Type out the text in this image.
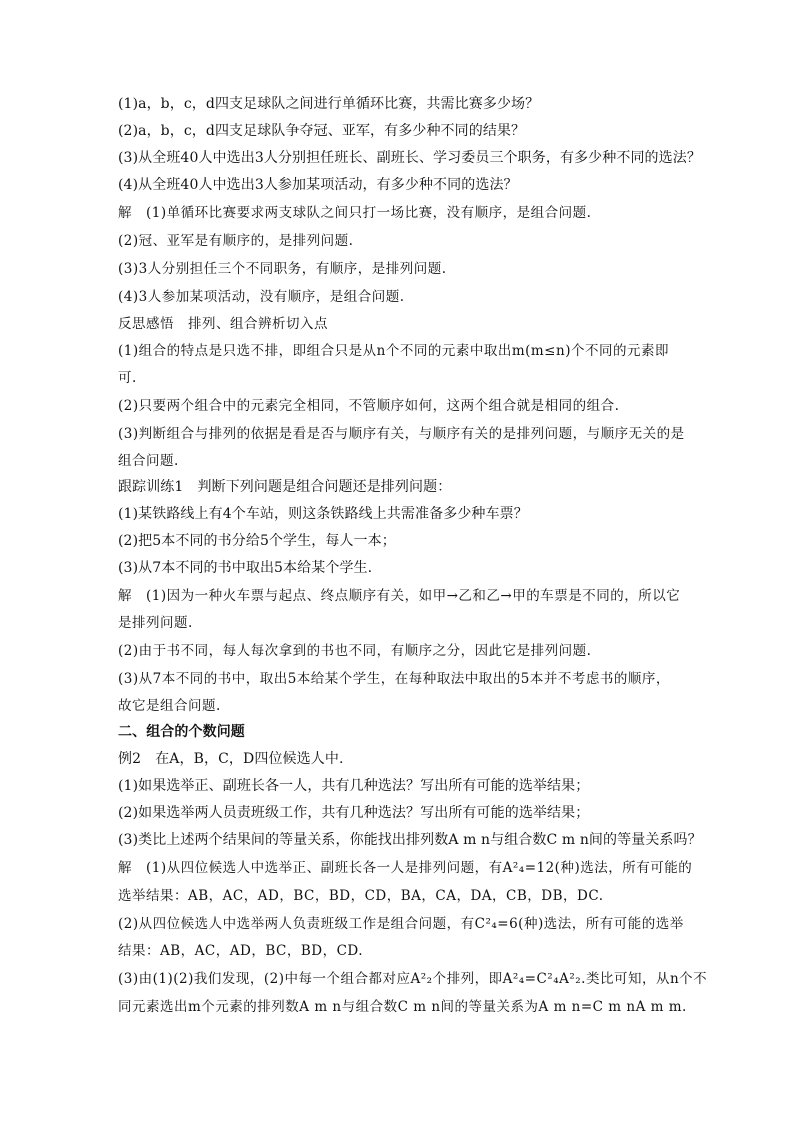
(1)a，b，c，d四支足球队之间进行单循环比赛，共需比赛多少场？
(2)a，b，c，d四支足球队争夺冠、亚军，有多少种不同的结果？
(3)从全班40人中选出3人分别担任班长、副班长、学习委员三个职务，有多少种不同的选法？
(4)从全班40人中选出3人参加某项活动，有多少种不同的选法？
解　(1)单循环比赛要求两支球队之间只打一场比赛，没有顺序，是组合问题.
(2)冠、亚军是有顺序的，是排列问题.
(3)3人分别担任三个不同职务，有顺序，是排列问题.
(4)3人参加某项活动，没有顺序，是组合问题.
反思感悟　排列、组合辨析切入点
(1)组合的特点是只选不排，即组合只是从n个不同的元素中取出m(m≤n)个不同的元素即
可.
(2)只要两个组合中的元素完全相同，不管顺序如何，这两个组合就是相同的组合.
(3)判断组合与排列的依据是看是否与顺序有关，与顺序有关的是排列问题，与顺序无关的是
组合问题.
跟踪训练1　判断下列问题是组合问题还是排列问题：
(1)某铁路线上有4个车站，则这条铁路线上共需准备多少种车票？
(2)把5本不同的书分给5个学生，每人一本；
(3)从7本不同的书中取出5本给某个学生.
解　(1)因为一种火车票与起点、终点顺序有关，如甲→乙和乙→甲的车票是不同的，所以它
是排列问题.
(2)由于书不同，每人每次拿到的书也不同，有顺序之分，因此它是排列问题.
(3)从7本不同的书中，取出5本给某个学生，在每种取法中取出的5本并不考虑书的顺序，
故它是组合问题.
二、组合的个数问题
例2　在A，B，C，D四位候选人中.
(1)如果选举正、副班长各一人，共有几种选法？写出所有可能的选举结果；
(2)如果选举两人员责班级工作，共有几种选法？写出所有可能的选举结果；
(3)类比上述两个结果间的等量关系，你能找出排列数A m n与组合数C m n间的等量关系吗？
解　(1)从四位候选人中选举正、副班长各一人是排列问题，有A²₄=12(种)选法，所有可能的
选举结果：AB，AC，AD，BC，BD，CD，BA，CA，DA，CB，DB，DC.
(2)从四位候选人中选举两人负责班级工作是组合问题，有C²₄=6(种)选法，所有可能的选举
结果：AB，AC，AD，BC，BD，CD.
(3)由(1)(2)我们发现，(2)中每一个组合都对应A²₂个排列，即A²₄=C²₄A²₂.类比可知，从n个不
同元素选出m个元素的排列数A m n与组合数C m n间的等量关系为A m n=C m nA m m.
